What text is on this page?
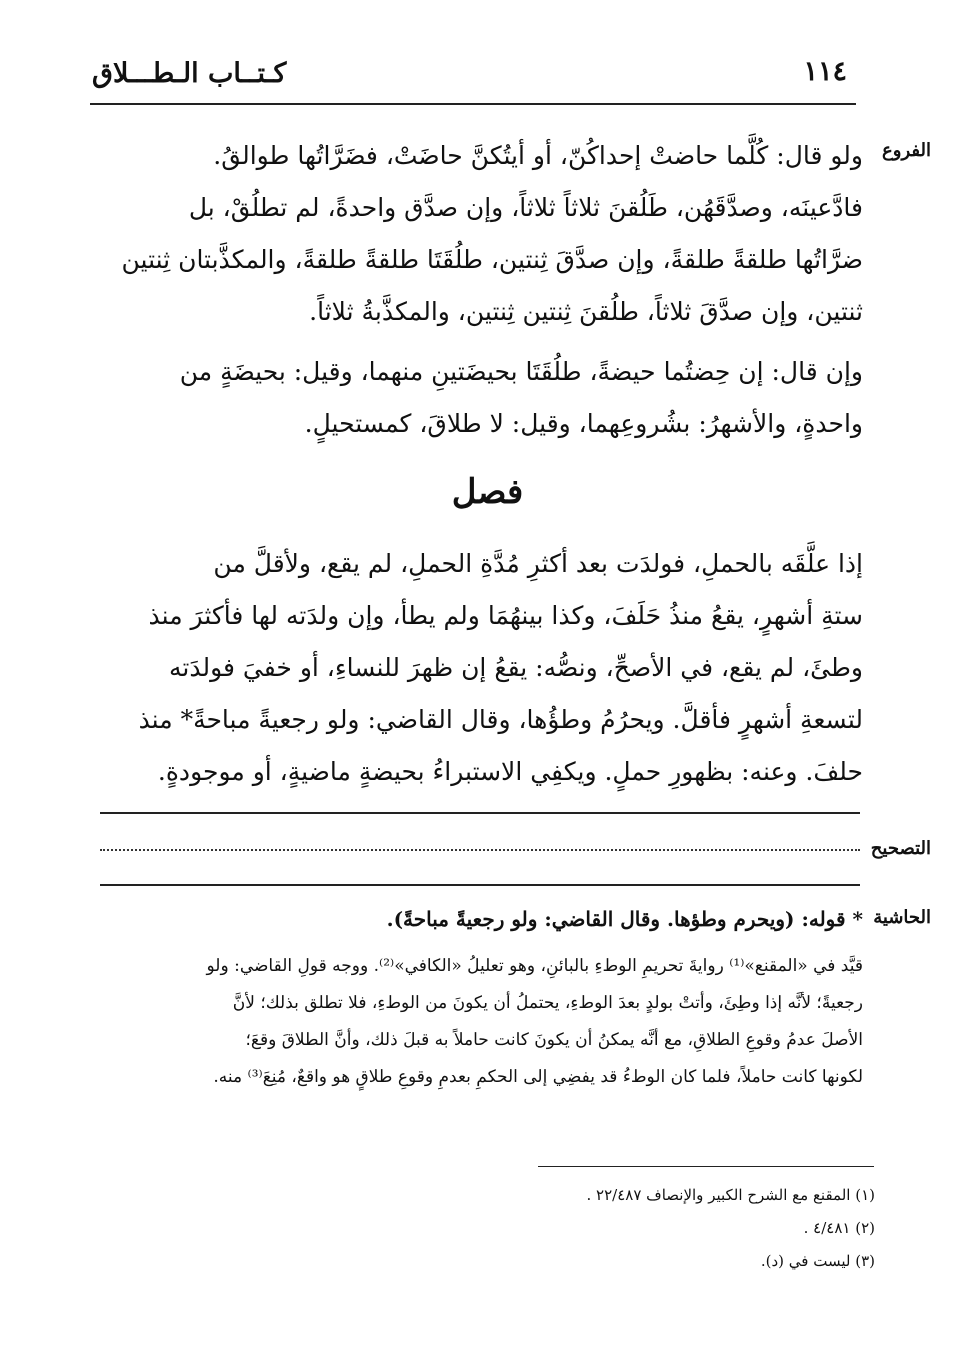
كـتــاب الـطـــلاق	١١٤
الفروع
التصحيح
الحاشية

ولو قال: كُلَّما حاضتْ إحداكُنّ، أو أيتُكنَّ حاضَتْ، فضَرَّاتُها طوالقُ.

فادَّعينَه، وصدَّقَهُن، طَلُقنَ ثلاثاً ثلاثاً، وإن صدَّق واحدةً، لم تطلُقْ، بل

ضرَّاتُها طلقةً طلقةً، وإن صدَّقَ ثِنتين، طلُقَتَا طلقةً طلقةً، والمكذَّبتان ثِنتين

ثنتين، وإن صدَّقَ ثلاثاً، طلُقنَ ثِنتين ثِنتين، والمكذَّبةُ ثلاثاً.

وإن قال: إن حِضتُما حيضةً، طلُقَتَا بحيضَتينِ منهما، وقيل: بحيضَةٍ من

واحدةٍ، والأشهرُ: بشُروعِهما، وقيل: لا طلاقَ، كمستحيلٍ.

فصل

إذا علَّقَه بالحملِ، فولدَت بعد أكثرِ مُدَّةِ الحملِ، لم يقع، ولأقلَّ من

ستةِ أشهرٍ، يقعُ منذُ حَلَفَ، وكذا بينهُمَا ولم يطأ، وإن ولدَته لها فأكثرَ منذ

وطئَ، لم يقع، في الأصحِّ، ونصُّه: يقعُ إن ظهرَ للنساءِ، أو خفيَ فولدَته

لتسعةِ أشهرٍ فأقلَّ. ويحرُمُ وطؤُها، وقال القاضي: ولو رجعيةً مباحةً* منذ

حلفَ. وعنه: بظهورِ حملٍ. ويكفِي الاستبراءُ بحيضةٍ ماضيةٍ، أو موجودةٍ.

* قوله: (ويحرم وطؤها. وقال القاضي: ولو رجعيةً مباحةً).
قيَّد في «المقنع»⁽¹⁾ روايةَ تحريمِ الوطءِ بالبائنِ، وهو تعليلُ «الكافي»⁽²⁾. ووجه قولِ القاضي: ولو
رجعيةً؛ لأنَّه إذا وطِئَ، وأتتْ بولدٍ بعدَ الوطءِ، يحتملُ أن يكونَ من الوطءِ، فلا تطلق بذلك؛ لأنَّ
الأصلَ عدمُ وقوعِ الطلاقِ، مع أنَّه يمكنُ أن يكونَ كانت حاملاً به قبلَ ذلك، وأنَّ الطلاقَ وقعَ؛
لكونها كانت حاملاً، فلما كان الوطءُ قد يفضِي إلى الحكمِ بعدمِ وقوعِ طلاقٍ هو واقعٌ، مُنِعَ⁽³⁾ منه.
(١) المقنع مع الشرح الكبير والإنصاف ٢٢/٤٨٧ .
(٢) ٤/٤٨١ .
(٣) ليست في (د).
